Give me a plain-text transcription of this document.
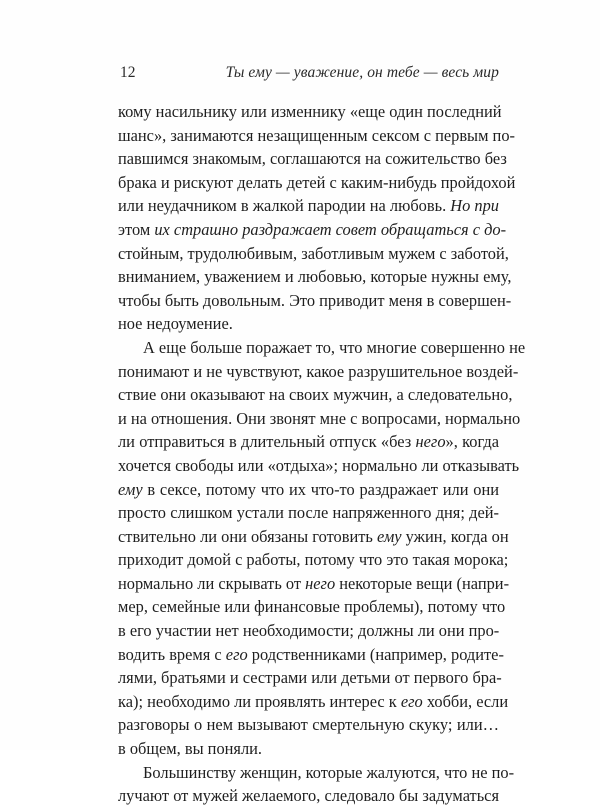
12	Ты ему — уважение, он тебе — весь мир
кому насильнику или изменнику «еще один последний
шанс», занимаются незащищенным сексом с первым по-
павшимся знакомым, соглашаются на сожительство без
брака и рискуют делать детей с каким-нибудь пройдохой
или неудачником в жалкой пародии на любовь. Но при
этом их страшно раздражает совет обращаться с до-
стойным, трудолюбивым, заботливым мужем с заботой,
вниманием, уважением и любовью, которые нужны ему,
чтобы быть довольным. Это приводит меня в совершен-
ное недоумение.
А еще больше поражает то, что многие совершенно не
понимают и не чувствуют, какое разрушительное воздей-
ствие они оказывают на своих мужчин, а следовательно,
и на отношения. Они звонят мне с вопросами, нормально
ли отправиться в длительный отпуск «без него», когда
хочется свободы или «отдыха»; нормально ли отказывать
ему в сексе, потому что их что-то раздражает или они
просто слишком устали после напряженного дня; дей-
ствительно ли они обязаны готовить ему ужин, когда он
приходит домой с работы, потому что это такая морока;
нормально ли скрывать от него некоторые вещи (напри-
мер, семейные или финансовые проблемы), потому что
в его участии нет необходимости; должны ли они про-
водить время с его родственниками (например, родите-
лями, братьями и сестрами или детьми от первого бра-
ка); необходимо ли проявлять интерес к его хобби, если
разговоры о нем вызывают смертельную скуку; или…
в общем, вы поняли.
Большинству женщин, которые жалуются, что не по-
лучают от мужей желаемого, следовало бы задуматься
